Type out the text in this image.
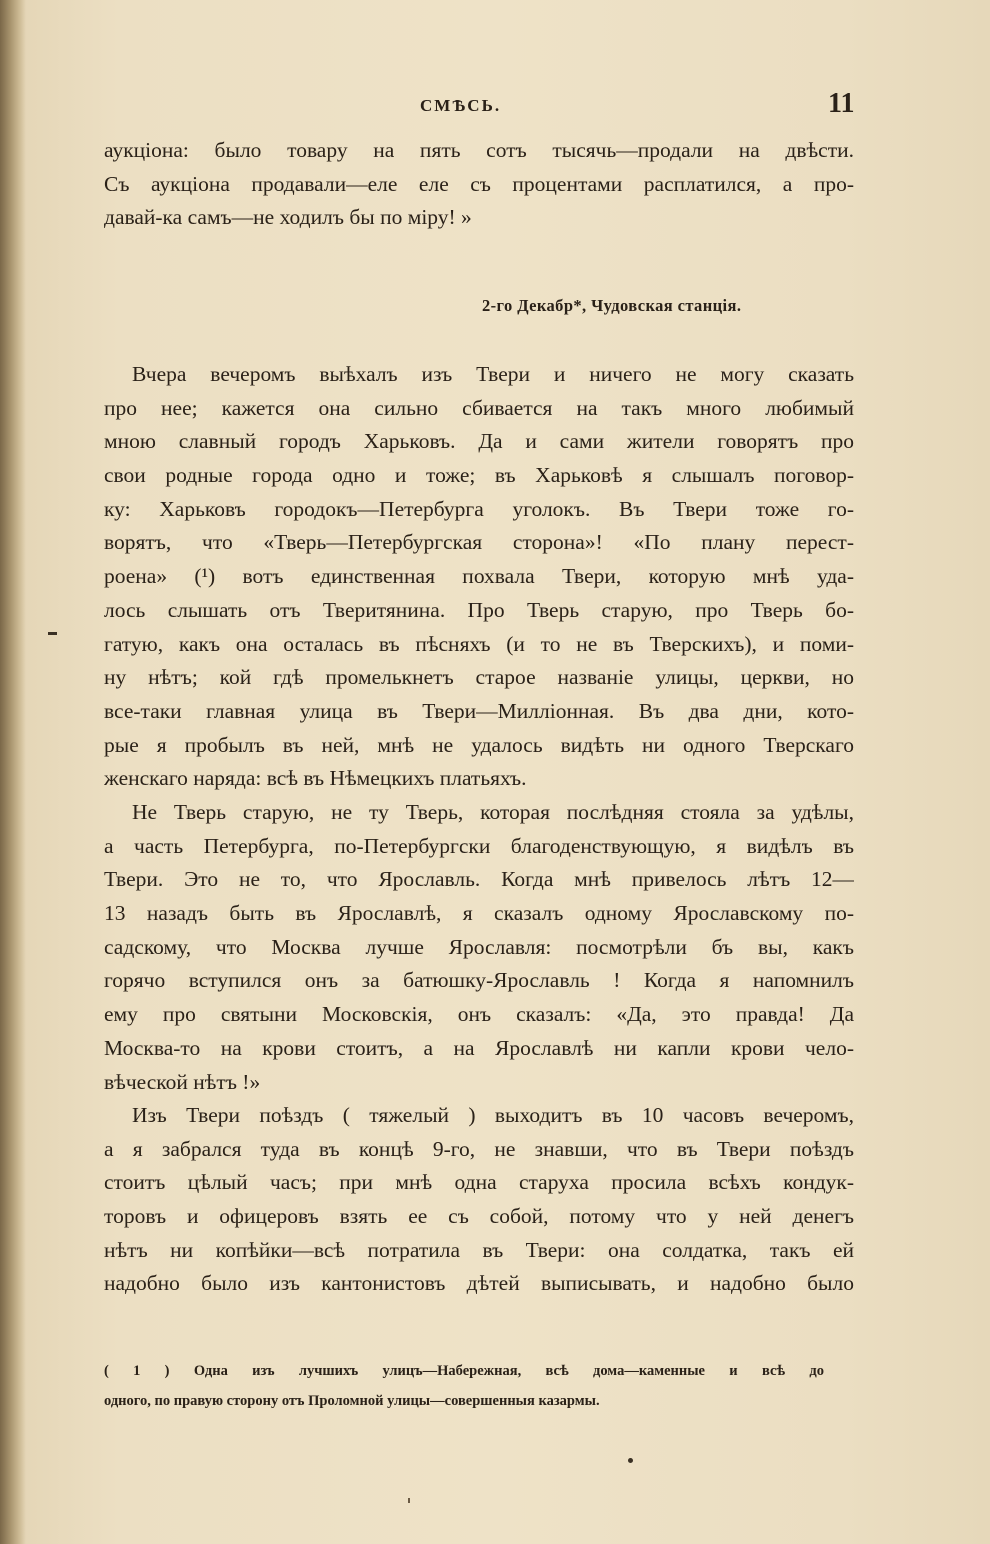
СМѢСЬ.	11
аукціона: было товару на пять сотъ тысячь—продали на двѣсти.
Съ аукціона продавали—еле еле съ процентами расплатился, а про-
давай-ка самъ—не ходилъ бы по міру! »
2-го Декабр*, Чудовская станція.
Вчера вечеромъ выѣхалъ изъ Твери и ничего не могу сказать
про нее; кажется она сильно сбивается на такъ много любимый
мною славный городъ Харьковъ. Да и сами жители говорятъ про
свои родные города одно и тоже; въ Харьковѣ я слышалъ поговор-
ку: Харьковъ городокъ—Петербурга уголокъ. Въ Твери тоже го-
ворятъ, что «Тверь—Петербургская сторона»! «По плану перест-
роена» (¹) вотъ единственная похвала Твери, которую мнѣ уда-
лось слышать отъ Тверитянина. Про Тверь старую, про Тверь бо-
гатую, какъ она осталась въ пѣсняхъ (и то не въ Тверскихъ), и поми-
ну нѣтъ; кой гдѣ промелькнетъ старое названіе улицы, церкви, но
все-таки главная улица въ Твери—Милліонная. Въ два дни, кото-
рые я пробылъ въ ней, мнѣ не удалось видѣть ни одного Тверскаго
женскаго наряда: всѣ въ Нѣмецкихъ платьяхъ.
Не Тверь старую, не ту Тверь, которая послѣдняя стояла за удѣлы,
а часть Петербурга, по-Петербургски благоденствующую, я видѣлъ въ
Твери. Это не то, что Ярославль. Когда мнѣ привелось лѣтъ 12—
13 назадъ быть въ Ярославлѣ, я сказалъ одному Ярославскому по-
садскому, что Москва лучше Ярославля: посмотрѣли бъ вы, какъ
горячо вступился онъ за батюшку-Ярославль ! Когда я напомнилъ
ему про святыни Московскія, онъ сказалъ: «Да, это правда! Да
Москва-то на крови стоитъ, а на Ярославлѣ ни капли крови чело-
вѣческой нѣтъ !»
Изъ Твери поѣздъ ( тяжелый ) выходитъ въ 10 часовъ вечеромъ,
а я забрался туда въ концѣ 9-го, не знавши, что въ Твери поѣздъ
стоитъ цѣлый часъ; при мнѣ одна старуха просила всѣхъ кондук-
торовъ и офицеровъ взять ее съ собой, потому что у ней денегъ
нѣтъ ни копѣйки—всѣ потратила въ Твери: она солдатка, такъ ей
надобно было изъ кантонистовъ дѣтей выписывать, и надобно было
( 1 ) Одна изъ лучшихъ улицъ—Набережная, всѣ дома—каменные и всѣ до
одного, по правую сторону отъ Проломной улицы—совершенныя казармы.
